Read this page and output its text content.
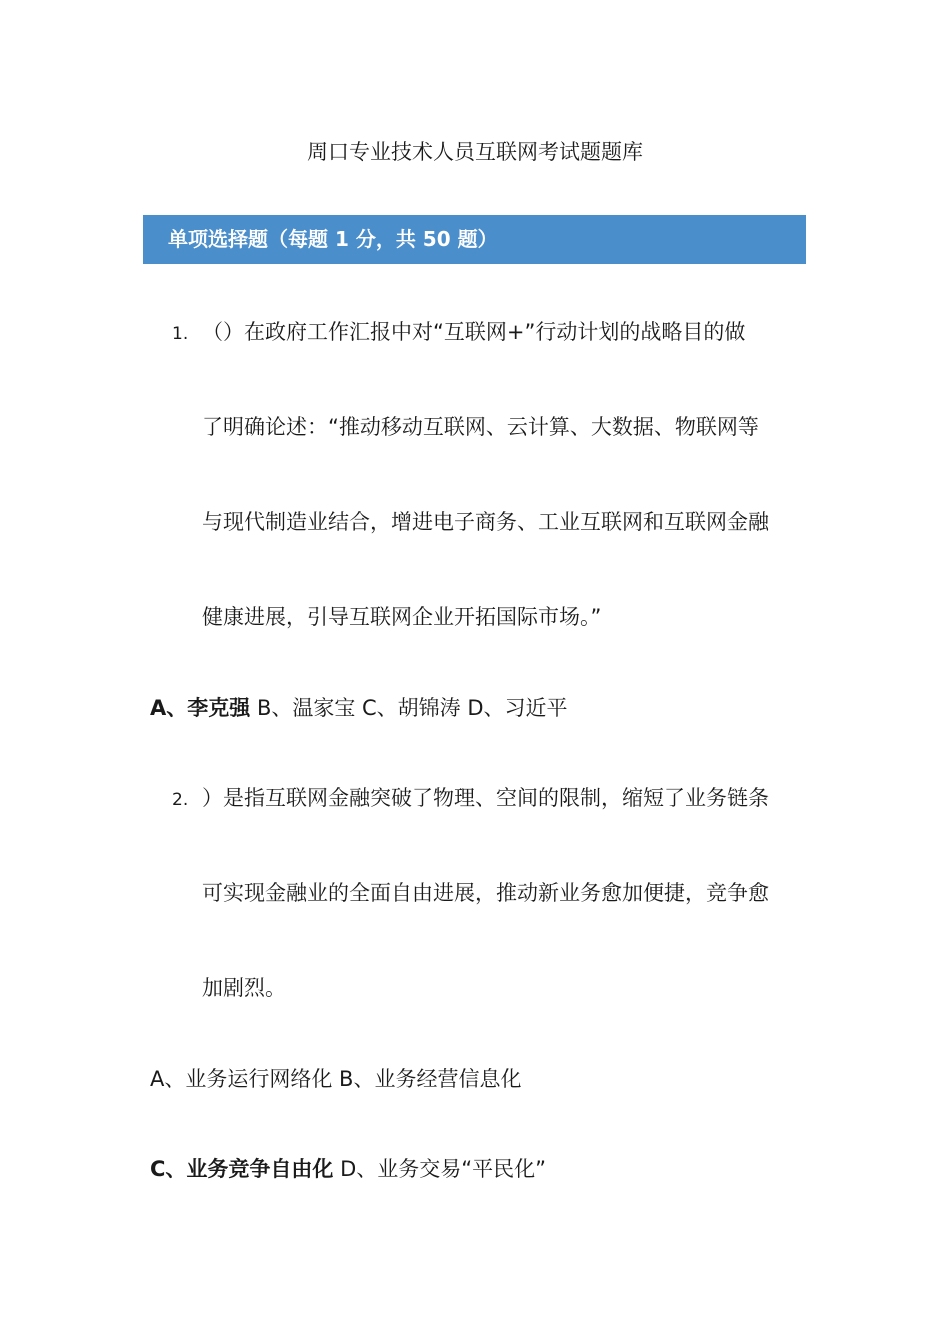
周口专业技术人员互联网考试题题库
单项选择题（每题 1 分，共 50 题）
1. （）在政府工作汇报中对“互联网+”行动计划的战略目的做
了明确论述：“推动移动互联网、云计算、大数据、物联网等
与现代制造业结合，增进电子商务、工业互联网和互联网金融
健康进展，引导互联网企业开拓国际市场。”
A、李克强 B、温家宝 C、胡锦涛 D、习近平
2. ）是指互联网金融突破了物理、空间的限制，缩短了业务链条
可实现金融业的全面自由进展，推动新业务愈加便捷，竞争愈
加剧烈。
A、业务运行网络化 B、业务经营信息化
C、业务竞争自由化 D、业务交易“平民化”
